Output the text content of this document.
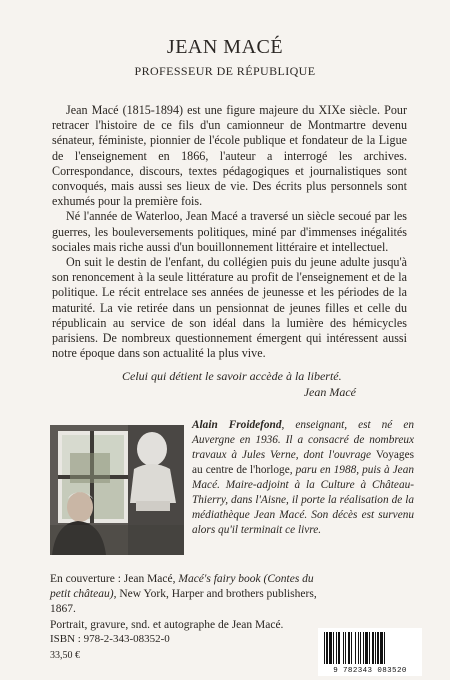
JEAN MACÉ
PROFESSEUR DE RÉPUBLIQUE

Jean Macé (1815-1894) est une figure majeure du XIXe siècle. Pour retracer l'histoire de ce fils d'un camionneur de Montmartre devenu sénateur, féministe, pionnier de l'école publique et fondateur de la Ligue de l'enseignement en 1866, l'auteur a interrogé les archives. Correspondance, discours, textes pédagogiques et journalistiques sont convoqués, mais aussi ses lieux de vie. Des écrits plus personnels sont exhumés pour la première fois.

Né l'année de Waterloo, Jean Macé a traversé un siècle secoué par les guerres, les bouleversements politiques, miné par d'immenses inégalités sociales mais riche aussi d'un bouillonnement littéraire et intellectuel.

On suit le destin de l'enfant, du collégien puis du jeune adulte jusqu'à son renoncement à la seule littérature au profit de l'enseignement et de la politique. Le récit entrelace ses années de jeunesse et les périodes de la maturité. La vie retirée dans un pensionnat de jeunes filles et celle du républicain au service de son idéal dans la lumière des hémicycles parisiens. De nombreux questionnement émergent qui intéressent aussi notre époque dans son actualité la plus vive.

Celui qui détient le savoir accède à la liberté.
Jean Macé
Alain Froidefond, enseignant, est né en Auvergne en 1936. Il a consacré de nombreux travaux à Jules Verne, dont l'ouvrage Voyages au centre de l'horloge, paru en 1988, puis à Jean Macé. Maire-adjoint à la Culture à Château-Thierry, dans l'Aisne, il porte la réalisation de la médiathèque Jean Macé. Son décès est survenu alors qu'il terminait ce livre.

En couverture : Jean Macé, Macé's fairy book (Contes du petit château), New York, Harper and brothers publishers, 1867.

Portrait, gravure, snd. et autographe de Jean Macé.

ISBN : 978-2-343-08352-0
33,50 €
9 782343 083520
